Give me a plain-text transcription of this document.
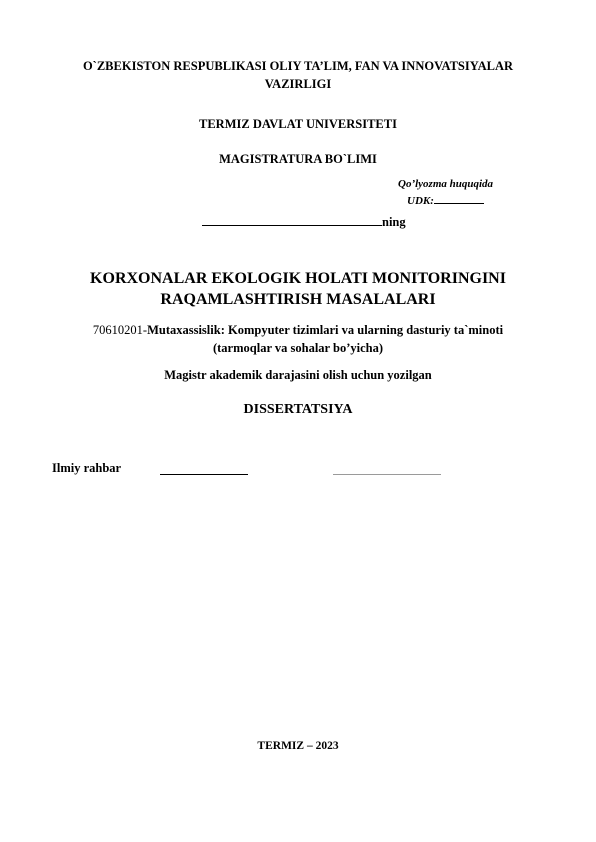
O`ZBEKISTON RESPUBLIKASI OLIY TA’LIM, FAN VA INNOVATSIYALAR
VAZIRLIGI
TERMIZ DAVLAT UNIVERSITETI
MAGISTRATURA BO`LIMI
Qo’lyozma huquqida
UDK:
ning
KORXONALAR EKOLOGIK HOLATI MONITORINGINI
RAQAMLASHTIRISH MASALALARI
70610201-Mutaxassislik: Kompyuter tizimlari va ularning dasturiy ta`minoti
(tarmoqlar va sohalar bo’yicha)
Magistr akademik darajasini olish uchun yozilgan
DISSERTATSIYA
Ilmiy rahbar
TERMIZ – 2023
